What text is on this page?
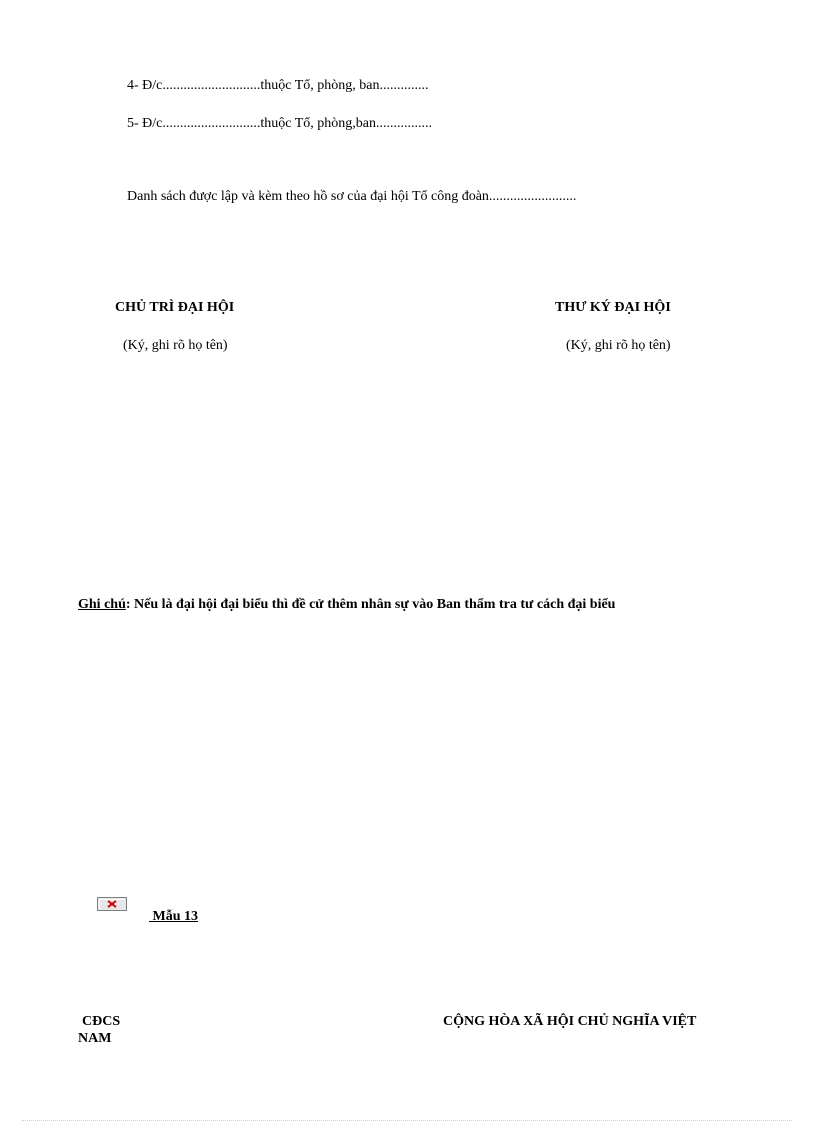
4- Đ/c............................thuộc Tổ, phòng, ban..............
5- Đ/c............................thuộc Tổ, phòng,ban................
Danh sách được lập và kèm theo hồ sơ của đại hội Tổ công đoàn.........................
CHỦ TRÌ ĐẠI HỘI
(Ký, ghi rõ họ tên)
THƯ KÝ ĐẠI HỘI
(Ký, ghi rõ họ tên)
Ghi chú: Nếu là đại hội đại biểu thì đề cử thêm nhân sự vào Ban thẩm tra tư cách đại biểu
Mẫu 13
CĐCS	CỘNG HÒA XÃ HỘI CHỦ NGHĨA VIỆT
NAM
